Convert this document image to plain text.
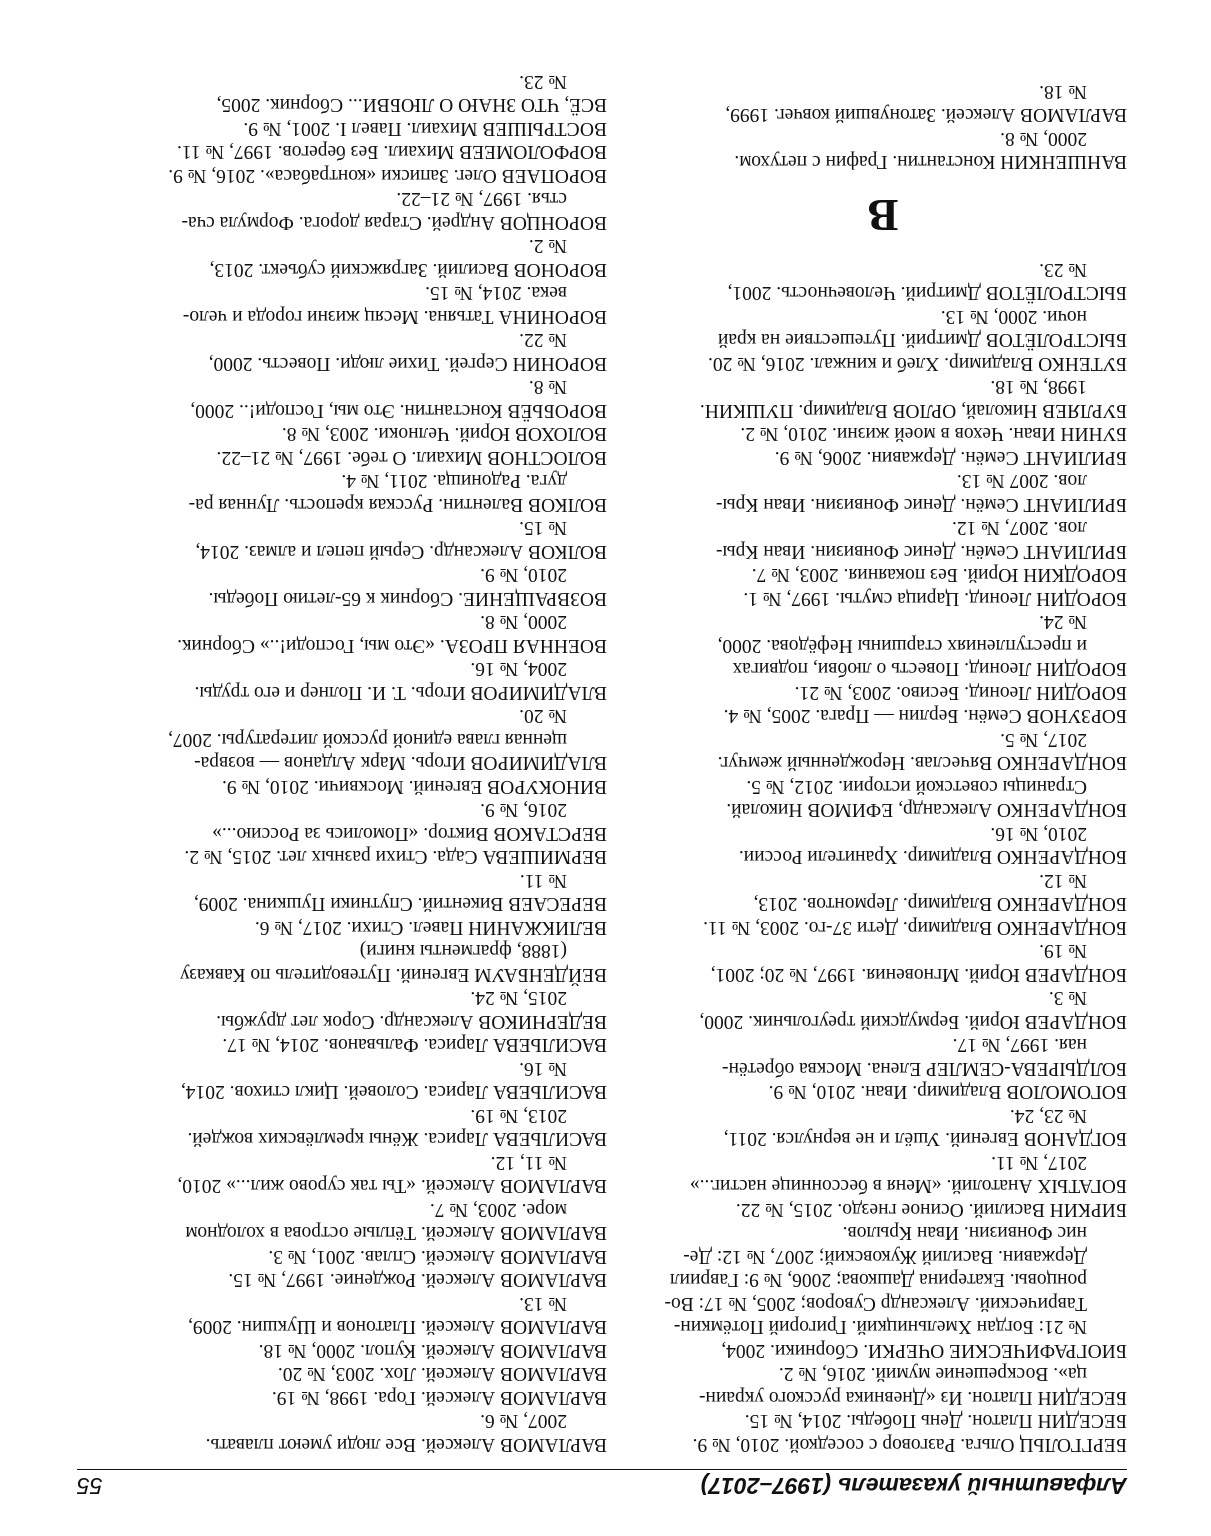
Алфавитный указатель (1997–2017)
55
БЕРГГОЛЬЦ Ольга. Разговор с соседкой. 2010, № 9.
БЕСЕДИН Платон. День Победы. 2014, № 15.
БЕСЕДИН Платон. Из «Дневника русского украин-
ца». Воскрешение мумий. 2016, № 2.
БИОГРАФИЧЕСКИЕ ОЧЕРКИ. Сборники. 2004,
№ 21: Богдан Хмельницкий. Григорий Потёмкин-
Таврический. Александр Суворов; 2005, № 17: Во-
ронцовы. Екатерина Дашкова; 2006, № 9: Гавриил
Державин. Василий Жуковский; 2007, № 12: Де-
нис Фонвизин. Иван Крылов.
БИРКИН Василий. Осиное гнездо. 2015, № 22.
БОГАТЫХ Анатолий. «Меня в бессоннице настиг...»
2017, № 11.
БОГДАНОВ Евгений. Ушёл и не вернулся. 2011,
№ 23, 24.
БОГОМОЛОВ Владимир. Иван. 2010, № 9.
БОЛДЫРЕВА-СЕМЛЕР Елена. Москва обретён-
ная. 1997, № 17.
БОНДАРЕВ Юрий. Бермудский треугольник. 2000,
№ 3.
БОНДАРЕВ Юрий. Мгновения. 1997, № 20; 2001,
№ 19.
БОНДАРЕНКО Владимир. Дети 37-го. 2003, № 11.
БОНДАРЕНКО Владимир. Лермонтов. 2013,
№ 12.
БОНДАРЕНКО Владимир. Хранители России.
2010, № 16.
БОНДАРЕНКО Александр, ЕФИМОВ Николай.
Страницы советской истории. 2012, № 5.
БОНДАРЕНКО Вячеслав. Нерожденный жемчуг.
2017, № 5.
БОРЗУНОВ Семён. Берлин — Прага. 2005, № 4.
БОРОДИН Леонид. Бесиво. 2003, № 21.
БОРОДИН Леонид. Повесть о любви, подвигах
и преступлениях старшины Нефёдова. 2000,
№ 24.
БОРОДИН Леонид. Царица смуты. 1997, № 1.
БОРОДКИН Юрий. Без покаяния. 2003, № 7.
БРИЛИАНТ Семён. Денис Фонвизин. Иван Кры-
лов. 2007, № 12.
БРИЛИАНТ Семён. Денис Фонвизин. Иван Кры-
лов. 2007 № 13.
БРИЛИАНТ Семён. Державин. 2006, № 9.
БУНИН Иван. Чехов в моей жизни. 2010, № 2.
БУРЛЯЕВ Николай, ОРЛОВ Владимир. ПУШКИН.
1998, № 18.
БУТЕНКО Владимир. Хлеб и кинжал. 2016, № 20.
БЫСТРОЛЁТОВ Дмитрий. Путешествие на край
ночи. 2000, № 13.
БЫСТРОЛЁТОВ Дмитрий. Человечность. 2001,
№ 23.
В
ВАНШЕНКИН Константин. Графин с петухом.
2000, № 8.
ВАРЛАМОВ Алексей. Затонувший ковчег. 1999,
№ 18.
ВАРЛАМОВ Алексей. Все люди умеют плавать.
2007, № 6.
ВАРЛАМОВ Алексей. Гора. 1998, № 19.
ВАРЛАМОВ Алексей. Лох. 2003, № 20.
ВАРЛАМОВ Алексей. Купол. 2000, № 18.
ВАРЛАМОВ Алексей. Платонов и Шукшин. 2009,
№ 13.
ВАРЛАМОВ Алексей. Рождение. 1997, № 15.
ВАРЛАМОВ Алексей. Сплав. 2001, № 3.
ВАРЛАМОВ Алексей. Тёплые острова в холодном
море. 2003, № 7.
ВАРЛАМОВ Алексей. «Ты так сурово жил...» 2010,
№ 11, 12.
ВАСИЛЬЕВА Лариса. Жёны кремлёвских вождей.
2013, № 19.
ВАСИЛЬЕВА Лариса. Соловей. Цикл стихов. 2014,
№ 16.
ВАСИЛЬЕВА Лариса. Фальванов. 2014, № 17.
ВЕДЕРНИКОВ Александр. Сорок лет дружбы.
2015, № 24.
ВЕЙДЕНБАУМ Евгений. Путеводитель по Кавказу
(1888, фрагменты книги)
ВЕЛИКЖАНИН Павел. Стихи. 2017, № 6.
ВЕРЕСАЕВ Викентий. Спутники Пушкина. 2009,
№ 11.
ВЕРМИШЕВА Сада. Стихи разных лет. 2015, № 2.
ВЕРСТАКОВ Виктор. «Помолись за Россию...»
2016, № 9.
ВИНОКУРОВ Евгений. Москвичи. 2010, № 9.
ВЛАДИМИРОВ Игорь. Марк Алданов — возвра-
щенная глава единой русской литературы. 2007,
№ 20.
ВЛАДИМИРОВ Игорь. Т. И. Полнер и его труды.
2004, № 16.
ВОЕННАЯ ПРОЗА. «Это мы, Господи!..» Сборник.
2000, № 8.
ВОЗВРАЩЕНИЕ. Сборник к 65-летию Победы.
2010, № 9.
ВОЛКОВ Александр. Серый пепел и алмаз. 2014,
№ 15.
ВОЛКОВ Валентин. Русская крепость. Лунная ра-
дуга. Радонища. 2011, № 4.
ВОЛОСТНОВ Михаил. О тебе. 1997, № 21–22.
ВОЛОХОВ Юрий. Челноки. 2003, № 8.
ВОРОБЬЁВ Константин. Это мы, Господи!.. 2000,
№ 8.
ВОРОНИН Сергей. Тихие люди. Повесть. 2000,
№ 22.
ВОРОНИНА Татьяна. Месяц жизни города и чело-
века. 2014, № 15.
ВОРОНОВ Василий. Загряжский субъект. 2013,
№ 2.
ВОРОНЦОВ Андрей. Старая дорога. Формула сча-
стья. 1997, № 21–22.
ВОРОПАЕВ Олег. Записки «контрабаса». 2016, № 9.
ВОРФОЛОМЕЕВ Михаил. Без берегов. 1997, № 11.
ВОСТРЫШЕВ Михаил. Павел I. 2001, № 9.
ВСЁ, ЧТО ЗНАЮ О ЛЮБВИ... Сборник. 2005,
№ 23.
